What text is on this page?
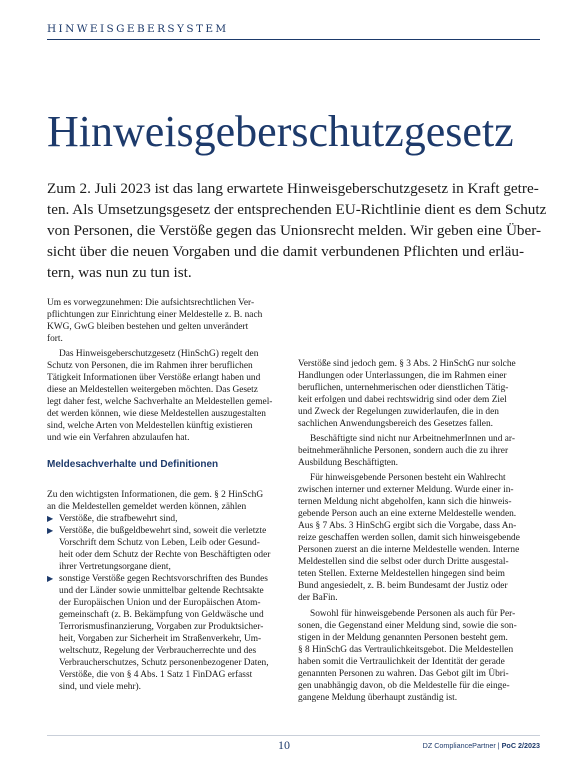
HINWEISGEBERSYSTEM
Hinweisgeberschutzgesetz
Zum 2. Juli 2023 ist das lang erwartete Hinweisgeberschutzgesetz in Kraft getre-
ten. Als Umsetzungsgesetz der entsprechenden EU-Richtlinie dient es dem Schutz
von Personen, die Verstöße gegen das Unionsrecht melden. Wir geben eine Über-
sicht über die neuen Vorgaben und die damit verbundenen Pflichten und erläu-
tern, was nun zu tun ist.
Um es vorwegzunehmen: Die aufsichtsrechtlichen Ver-
pflichtungen zur Einrichtung einer Meldestelle z. B. nach
KWG, GwG bleiben bestehen und gelten unverändert
fort.
Das Hinweisgeberschutzgesetz (HinSchG) regelt den
Schutz von Personen, die im Rahmen ihrer beruflichen
Tätigkeit Informationen über Verstöße erlangt haben und
diese an Meldestellen weitergeben möchten. Das Gesetz
legt daher fest, welche Sachverhalte an Meldestellen gemel-
det werden können, wie diese Meldestellen auszugestalten
sind, welche Arten von Meldestellen künftig existieren
und wie ein Verfahren abzulaufen hat.
Meldesachverhalte und Definitionen
Zu den wichtigsten Informationen, die gem. § 2 HinSchG
an die Meldestellen gemeldet werden können, zählen
▶ Verstöße, die strafbewehrt sind,
▶ Verstöße, die bußgeldbewehrt sind, soweit die verletzte
Vorschrift dem Schutz von Leben, Leib oder Gesund-
heit oder dem Schutz der Rechte von Beschäftigten oder
ihrer Vertretungsorgane dient,
▶ sonstige Verstöße gegen Rechtsvorschriften des Bundes
und der Länder sowie unmittelbar geltende Rechtsakte
der Europäischen Union und der Europäischen Atom-
gemeinschaft (z. B. Bekämpfung von Geldwäsche und
Terrorismusfinanzierung, Vorgaben zur Produktsicher-
heit, Vorgaben zur Sicherheit im Straßenverkehr, Um-
weltschutz, Regelung der Verbraucherrechte und des
Verbraucherschutzes, Schutz personenbezogener Daten,
Verstöße, die von § 4 Abs. 1 Satz 1 FinDAG erfasst
sind, und viele mehr).
Verstöße sind jedoch gem. § 3 Abs. 2 HinSchG nur solche
Handlungen oder Unterlassungen, die im Rahmen einer
beruflichen, unternehmerischen oder dienstlichen Tätig-
keit erfolgen und dabei rechtswidrig sind oder dem Ziel
und Zweck der Regelungen zuwiderlaufen, die in den
sachlichen Anwendungsbereich des Gesetzes fallen.
Beschäftigte sind nicht nur ArbeitnehmerInnen und ar-
beitnehmerähnliche Personen, sondern auch die zu ihrer
Ausbildung Beschäftigten.
Für hinweisgebende Personen besteht ein Wahlrecht
zwischen interner und externer Meldung. Wurde einer in-
ternen Meldung nicht abgeholfen, kann sich die hinweis-
gebende Person auch an eine externe Meldestelle wenden.
Aus § 7 Abs. 3 HinSchG ergibt sich die Vorgabe, dass An-
reize geschaffen werden sollen, damit sich hinweisgebende
Personen zuerst an die interne Meldestelle wenden. Interne
Meldestellen sind die selbst oder durch Dritte ausgestal-
teten Stellen. Externe Meldestellen hingegen sind beim
Bund angesiedelt, z. B. beim Bundesamt der Justiz oder
der BaFin.
Sowohl für hinweisgebende Personen als auch für Per-
sonen, die Gegenstand einer Meldung sind, sowie die son-
stigen in der Meldung genannten Personen besteht gem.
§ 8 HinSchG das Vertraulichkeitsgebot. Die Meldestellen
haben somit die Vertraulichkeit der Identität der gerade
genannten Personen zu wahren. Das Gebot gilt im Übri-
gen unabhängig davon, ob die Meldestelle für die einge-
gangene Meldung überhaupt zuständig ist.
10	DZ CompliancePartner | PoC 2/2023
